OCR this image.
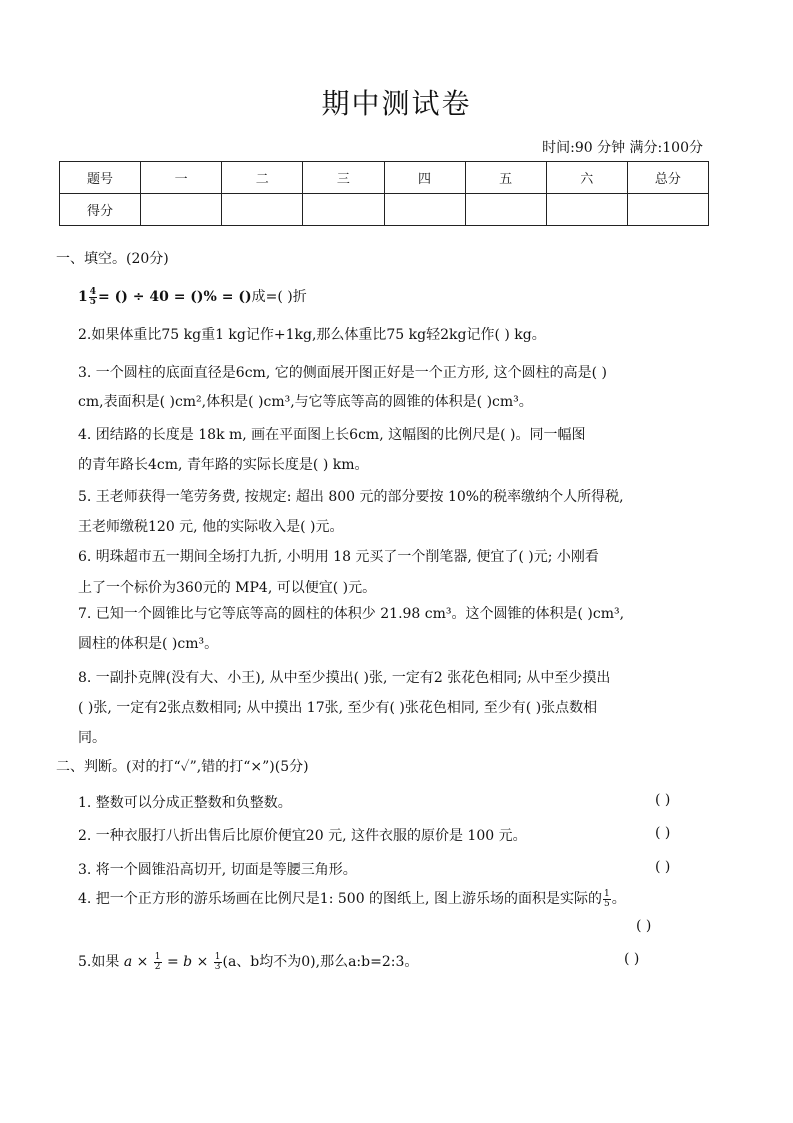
期中测试卷
时间:90 分钟 满分:100分
题号	一	二	三	四	五	六	总分
得分							
一、填空。(20分)
$1 \frac{4}{5}$ = () ÷ 40 = ()% = ()成=( )折
2.如果体重比75 kg重1 kg记作+1kg,那么体重比75 kg轻2kg记作( ) kg。
3. 一个圆柱的底面直径是6cm, 它的侧面展开图正好是一个正方形, 这个圆柱的高是( )
cm,表面积是( )cm²,体积是( )cm³,与它等底等高的圆锥的体积是( )cm³。
4. 团结路的长度是 18k m, 画在平面图上长6cm, 这幅图的比例尺是( )。同一幅图
的青年路长4cm, 青年路的实际长度是( ) km。
5. 王老师获得一笔劳务费, 按规定: 超出 800 元的部分要按 10%的税率缴纳个人所得税,
王老师缴税120 元, 他的实际收入是( )元。
6. 明珠超市五一期间全场打九折, 小明用 18 元买了一个削笔器, 便宜了( )元; 小刚看
上了一个标价为360元的 MP4, 可以便宜( )元。
7. 已知一个圆锥比与它等底等高的圆柱的体积少 21.98 cm³。这个圆锥的体积是( )cm³,
圆柱的体积是( )cm³。
8. 一副扑克牌(没有大、小王), 从中至少摸出( )张, 一定有2 张花色相同; 从中至少摸出
( )张, 一定有2张点数相同; 从中摸出 17张, 至少有( )张花色相同, 至少有( )张点数相
同。
二、判断。(对的打“✓”,错的打“×”)(5分)
1. 整数可以分成正整数和负整数。	( )
2. 一种衣服打八折出售后比原价便宜20 元, 这件衣服的原价是 100 元。	( )
3. 将一个圆锥沿高切开, 切面是等腰三角形。	( )
4. 把一个正方形的游乐场画在比例尺是1: 500 的图纸上, 图上游乐场的面积是实际的 $\frac{1}{5}$ 。
( )
5.如果 $a \times \frac{1}{2} = b \times \frac{1}{3} (a$、b均不为0),那么a:b=2:3。	( )
